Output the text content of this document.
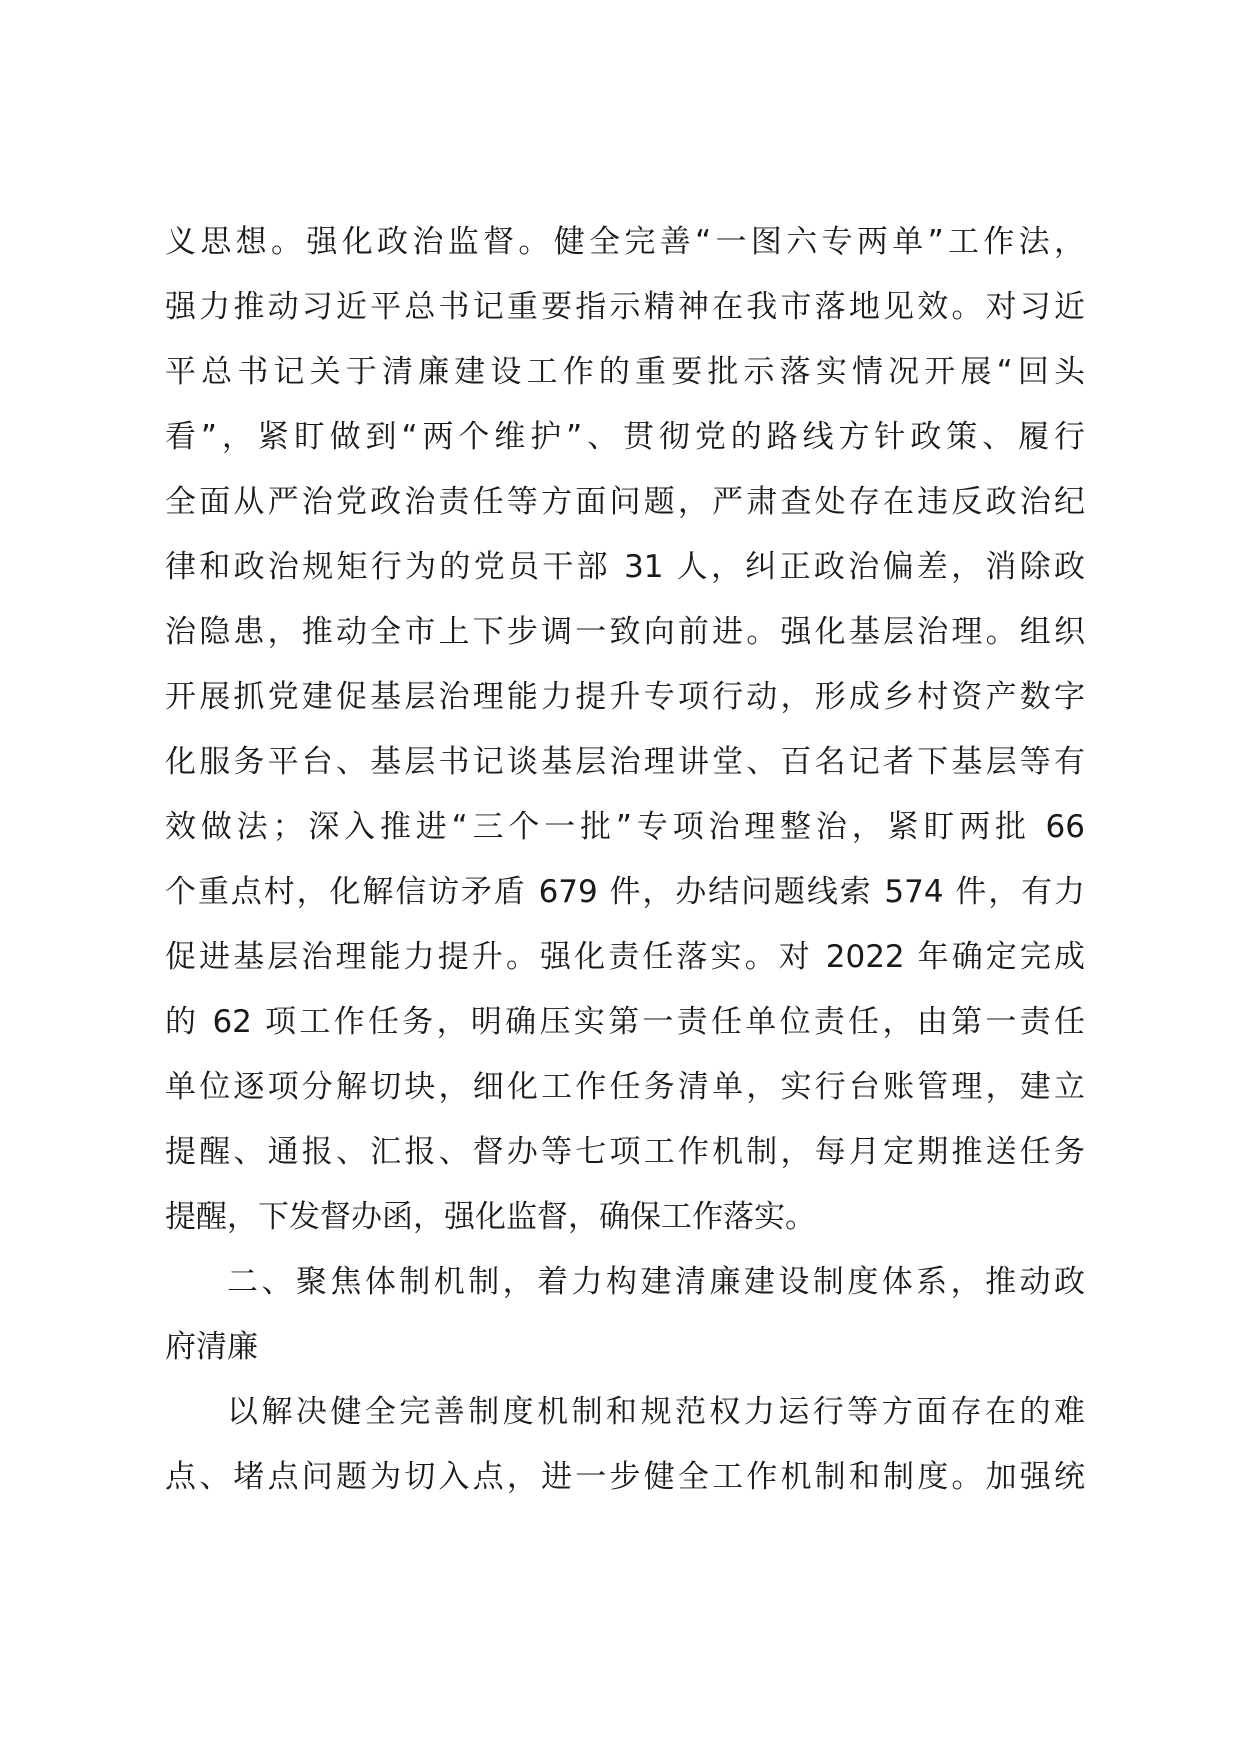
义思想。强化政治监督。健全完善“一图六专两单”工作法，
强力推动习近平总书记重要指示精神在我市落地见效。对习近
平总书记关于清廉建设工作的重要批示落实情况开展“回头
看”，紧盯做到“两个维护”、贯彻党的路线方针政策、履行
全面从严治党政治责任等方面问题，严肃查处存在违反政治纪
律和政治规矩行为的党员干部 31 人，纠正政治偏差，消除政
治隐患，推动全市上下步调一致向前进。强化基层治理。组织
开展抓党建促基层治理能力提升专项行动，形成乡村资产数字
化服务平台、基层书记谈基层治理讲堂、百名记者下基层等有
效做法；深入推进“三个一批”专项治理整治，紧盯两批 66
个重点村，化解信访矛盾 679 件，办结问题线索 574 件，有力
促进基层治理能力提升。强化责任落实。对 2022 年确定完成
的 62 项工作任务，明确压实第一责任单位责任，由第一责任
单位逐项分解切块，细化工作任务清单，实行台账管理，建立
提醒、通报、汇报、督办等七项工作机制，每月定期推送任务
提醒，下发督办函，强化监督，确保工作落实。
二、聚焦体制机制，着力构建清廉建设制度体系，推动政
府清廉
以解决健全完善制度机制和规范权力运行等方面存在的难
点、堵点问题为切入点，进一步健全工作机制和制度。加强统
